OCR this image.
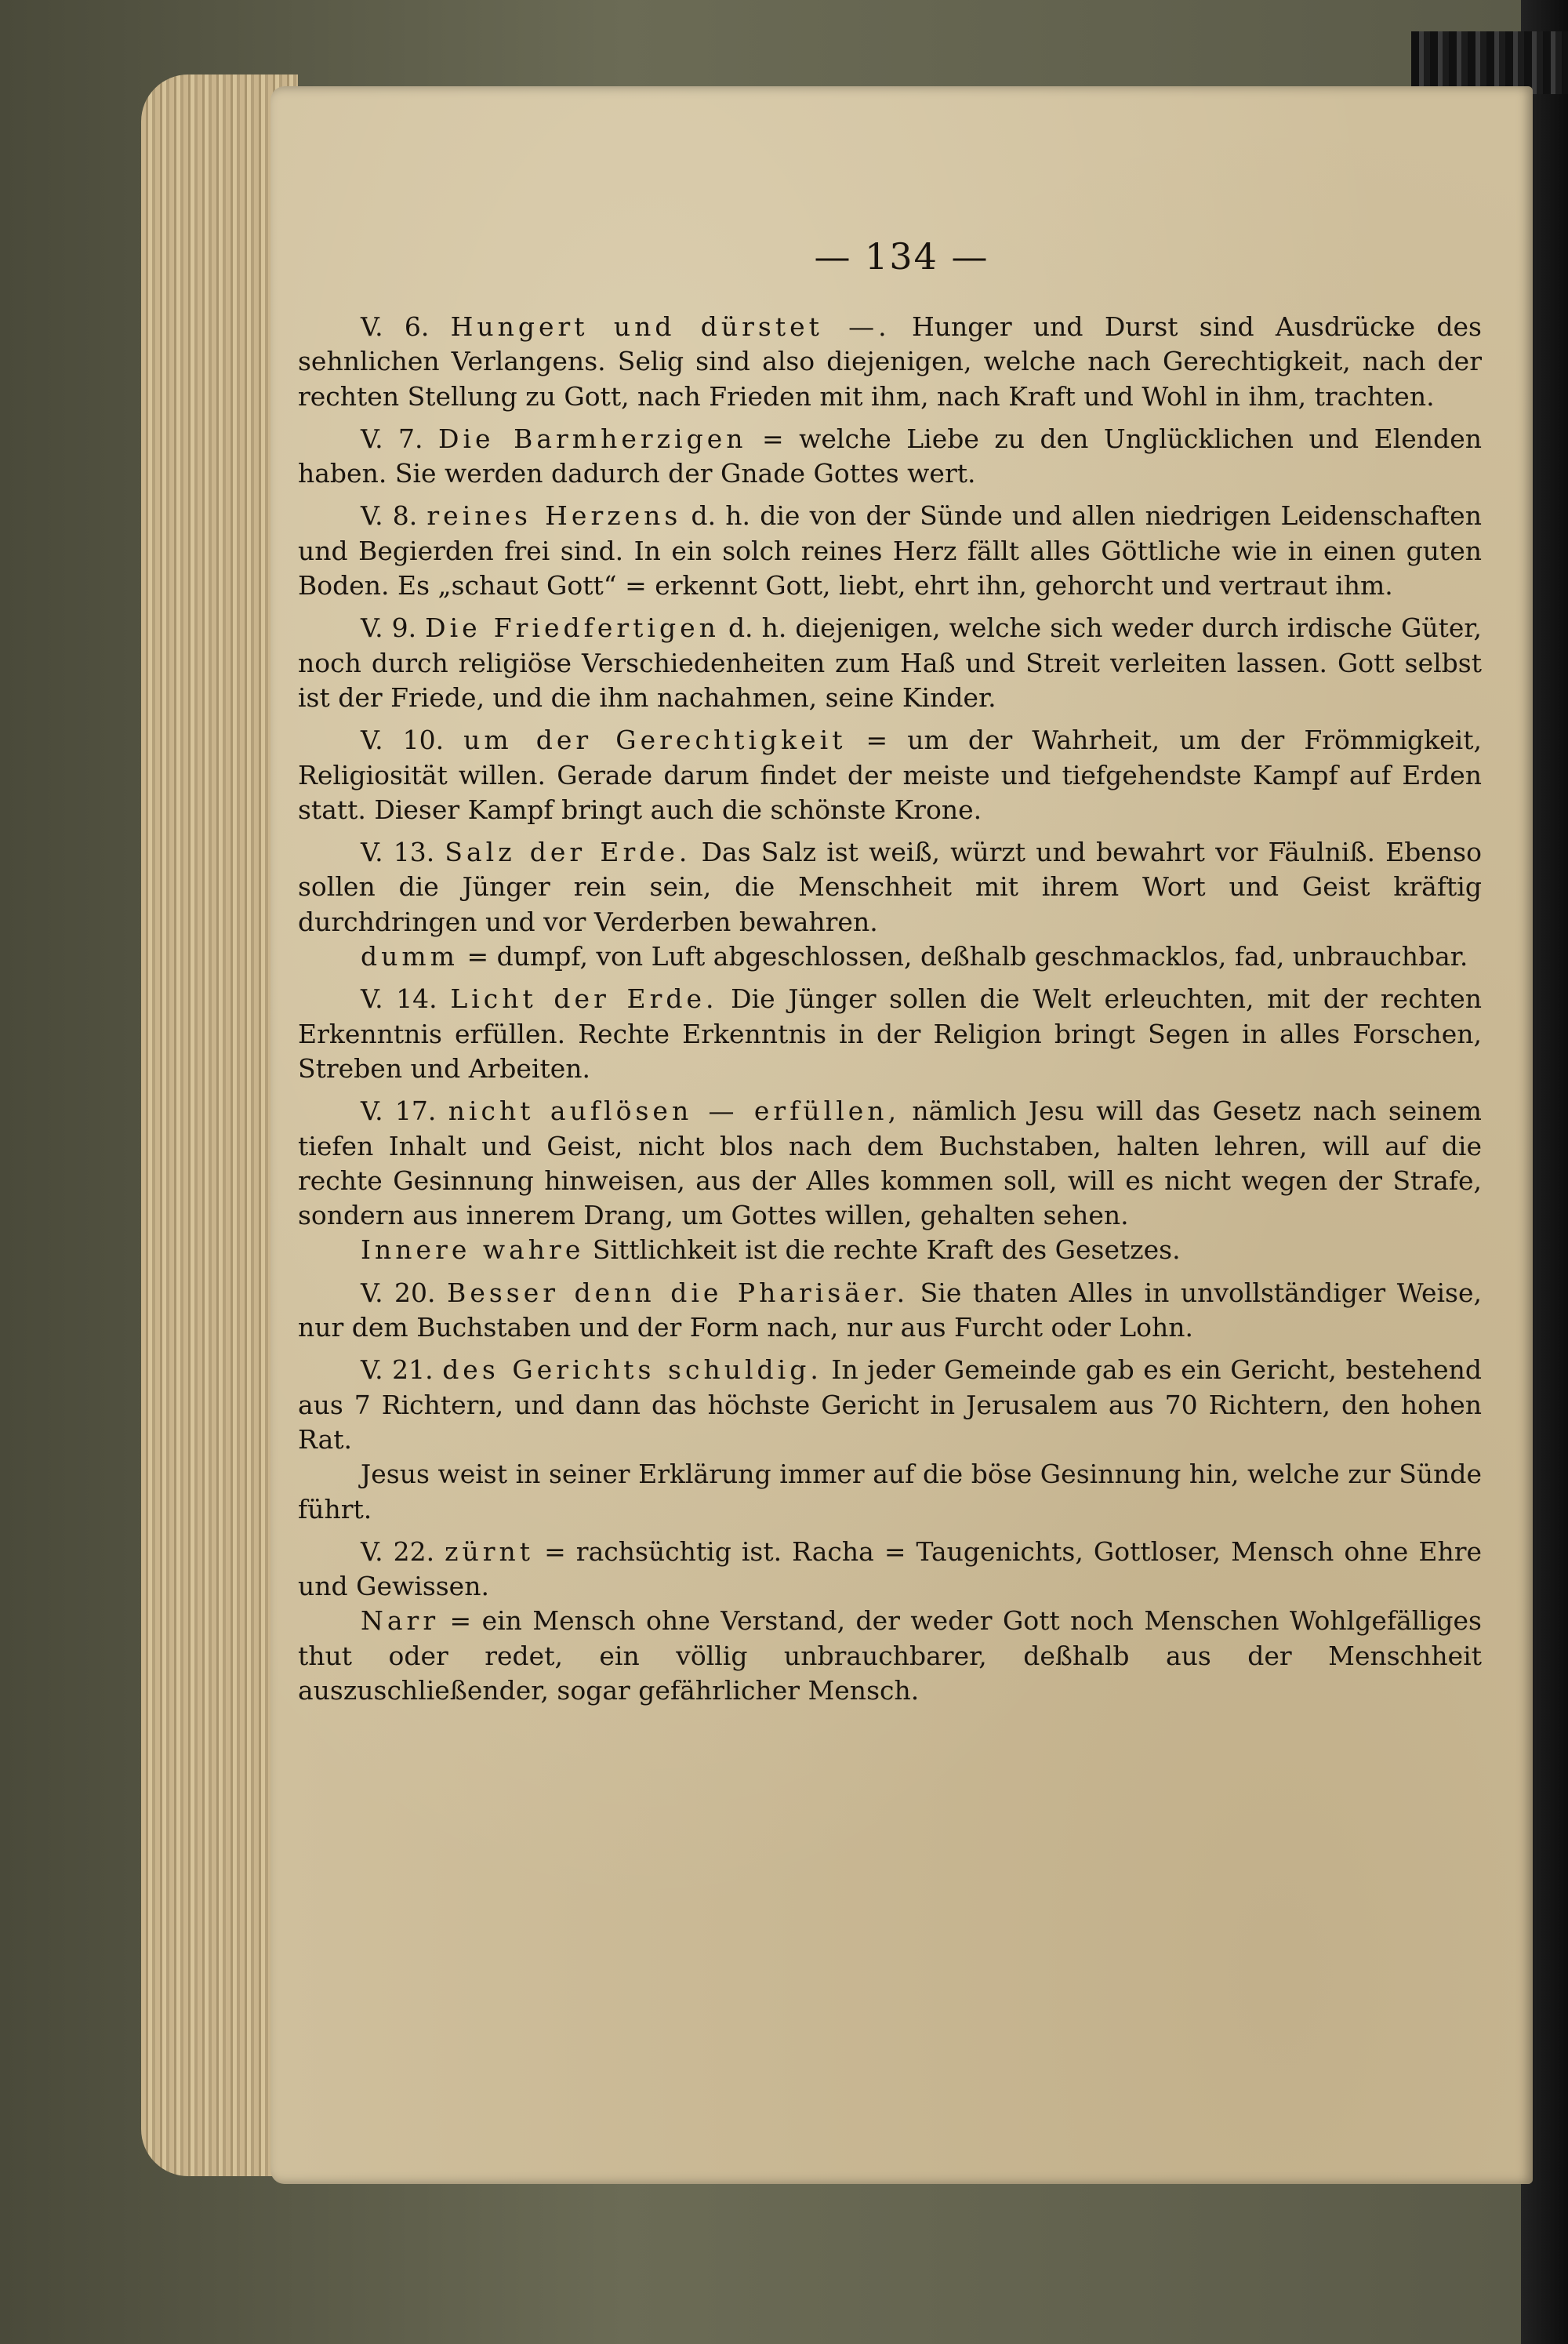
— 134 —

V. 6. Hungert und dürstet —. Hunger und Durst sind Ausdrücke des sehnlichen Verlangens. Selig sind also diejenigen, welche nach Gerechtigkeit, nach der rechten Stellung zu Gott, nach Frieden mit ihm, nach Kraft und Wohl in ihm, trachten.

V. 7. Die Barmherzigen = welche Liebe zu den Unglücklichen und Elenden haben. Sie werden dadurch der Gnade Gottes wert.

V. 8. reines Herzens d. h. die von der Sünde und allen niedrigen Leidenschaften und Begierden frei sind. In ein solch reines Herz fällt alles Göttliche wie in einen guten Boden. Es „schaut Gott“ = erkennt Gott, liebt, ehrt ihn, gehorcht und vertraut ihm.

V. 9. Die Friedfertigen d. h. diejenigen, welche sich weder durch irdische Güter, noch durch religiöse Verschiedenheiten zum Haß und Streit verleiten lassen. Gott selbst ist der Friede, und die ihm nachahmen, seine Kinder.

V. 10. um der Gerechtigkeit = um der Wahrheit, um der Frömmigkeit, Religiosität willen. Gerade darum findet der meiste und tiefgehendste Kampf auf Erden statt. Dieser Kampf bringt auch die schönste Krone.

V. 13. Salz der Erde. Das Salz ist weiß, würzt und bewahrt vor Fäulniß. Ebenso sollen die Jünger rein sein, die Menschheit mit ihrem Wort und Geist kräftig durchdringen und vor Verderben bewahren.

dumm = dumpf, von Luft abgeschlossen, deßhalb geschmacklos, fad, unbrauchbar.

V. 14. Licht der Erde. Die Jünger sollen die Welt erleuchten, mit der rechten Erkenntnis erfüllen. Rechte Erkenntnis in der Religion bringt Segen in alles Forschen, Streben und Arbeiten.

V. 17. nicht auflösen — erfüllen, nämlich Jesu will das Gesetz nach seinem tiefen Inhalt und Geist, nicht blos nach dem Buchstaben, halten lehren, will auf die rechte Gesinnung hinweisen, aus der Alles kommen soll, will es nicht wegen der Strafe, sondern aus innerem Drang, um Gottes willen, gehalten sehen.

Innere wahre Sittlichkeit ist die rechte Kraft des Gesetzes.

V. 20. Besser denn die Pharisäer. Sie thaten Alles in unvollständiger Weise, nur dem Buchstaben und der Form nach, nur aus Furcht oder Lohn.

V. 21. des Gerichts schuldig. In jeder Gemeinde gab es ein Gericht, bestehend aus 7 Richtern, und dann das höchste Gericht in Jerusalem aus 70 Richtern, den hohen Rat.

Jesus weist in seiner Erklärung immer auf die böse Gesinnung hin, welche zur Sünde führt.

V. 22. zürnt = rachsüchtig ist. Racha = Taugenichts, Gottloser, Mensch ohne Ehre und Gewissen.

Narr = ein Mensch ohne Verstand, der weder Gott noch Menschen Wohlgefälliges thut oder redet, ein völlig unbrauchbarer, deßhalb aus der Menschheit auszuschließender, sogar gefährlicher Mensch.
